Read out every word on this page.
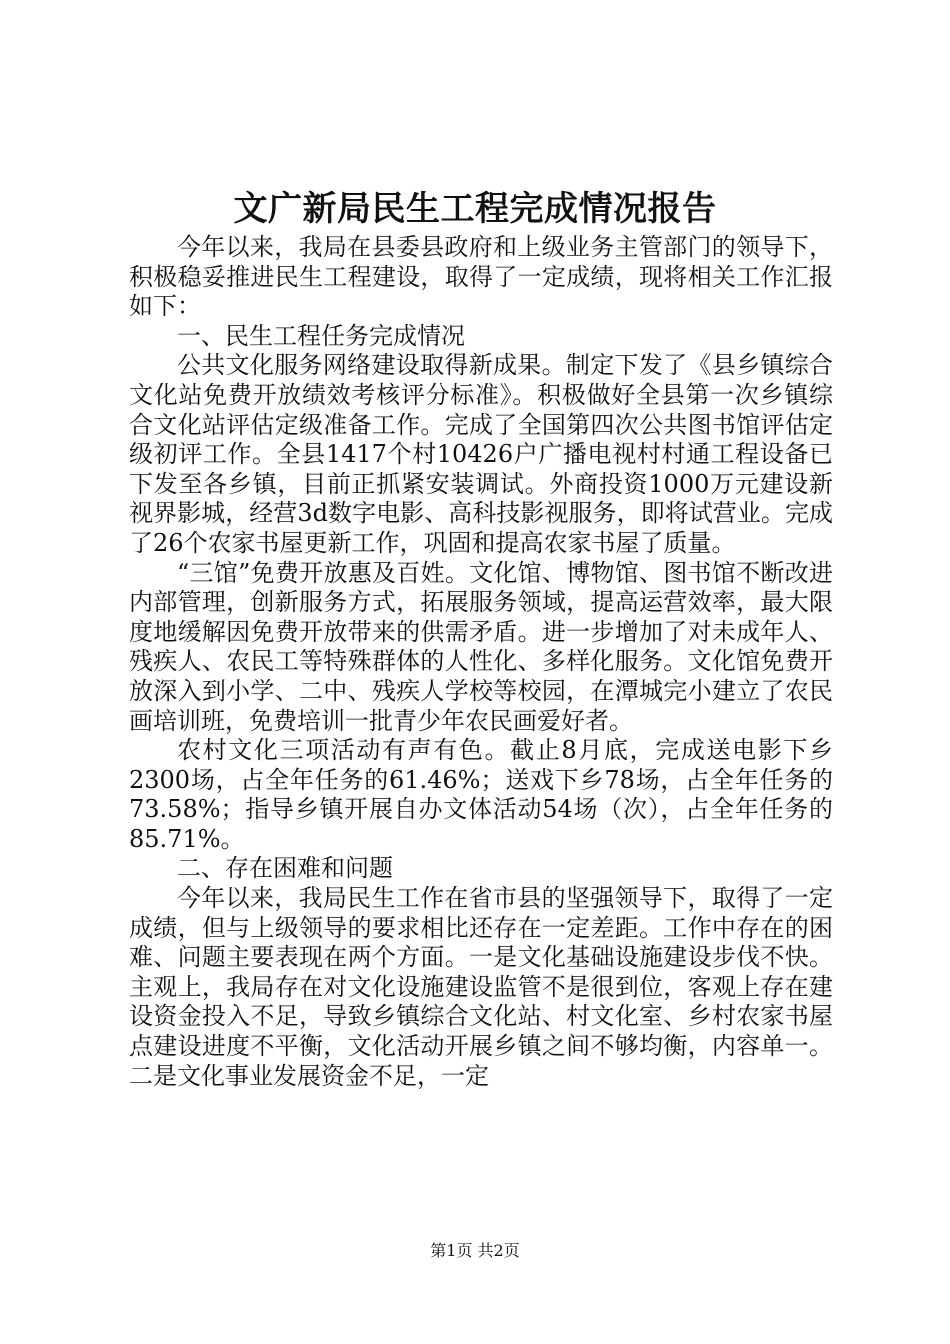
文广新局民生工程完成情况报告

今年以来，我局在县委县政府和上级业务主管部门的领导下，积极稳妥推进民生工程建设，取得了一定成绩，现将相关工作汇报如下：

一、民生工程任务完成情况

公共文化服务网络建设取得新成果。制定下发了《县乡镇综合文化站免费开放绩效考核评分标准》。积极做好全县第一次乡镇综合文化站评估定级准备工作。完成了全国第四次公共图书馆评估定级初评工作。全县1417个村10426户广播电视村村通工程设备已下发至各乡镇，目前正抓紧安装调试。外商投资1000万元建设新视界影城，经营3d数字电影、高科技影视服务，即将试营业。完成了26个农家书屋更新工作，巩固和提高农家书屋了质量。

“三馆”免费开放惠及百姓。文化馆、博物馆、图书馆不断改进内部管理，创新服务方式，拓展服务领域，提高运营效率，最大限度地缓解因免费开放带来的供需矛盾。进一步增加了对未成年人、残疾人、农民工等特殊群体的人性化、多样化服务。文化馆免费开放深入到小学、二中、残疾人学校等校园，在潭城完小建立了农民画培训班，免费培训一批青少年农民画爱好者。

农村文化三项活动有声有色。截止8月底，完成送电影下乡2300场，占全年任务的61.46%；送戏下乡78场，占全年任务的73.58%；指导乡镇开展自办文体活动54场（次），占全年任务的85.71%。

二、存在困难和问题

今年以来，我局民生工作在省市县的坚强领导下，取得了一定成绩，但与上级领导的要求相比还存在一定差距。工作中存在的困难、问题主要表现在两个方面。一是文化基础设施建设步伐不快。主观上，我局存在对文化设施建设监管不是很到位，客观上存在建设资金投入不足，导致乡镇综合文化站、村文化室、乡村农家书屋点建设进度不平衡，文化活动开展乡镇之间不够均衡，内容单一。二是文化事业发展资金不足，一定

第1页 共2页
